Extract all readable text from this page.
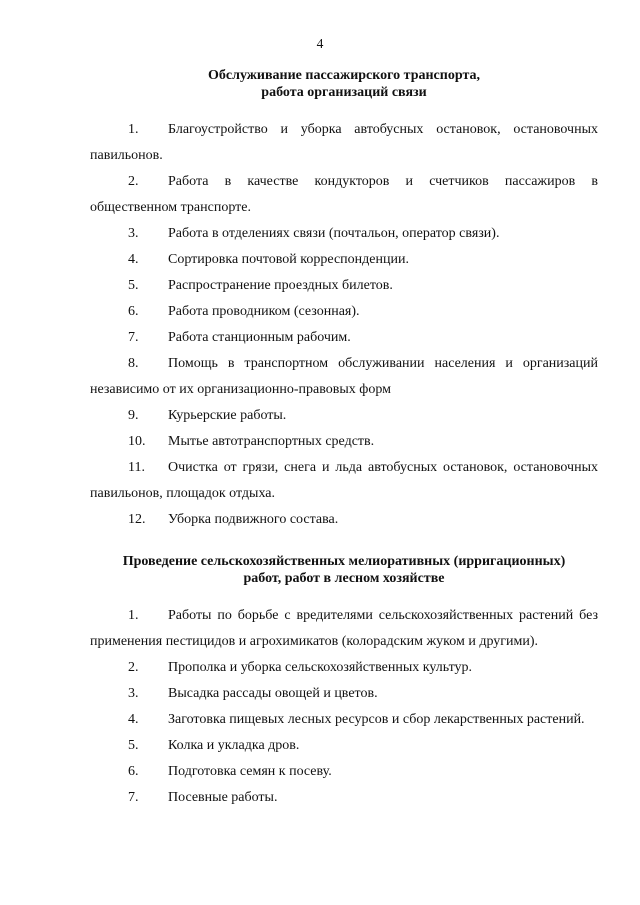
4
Обслуживание пассажирского транспорта,
работа организаций связи
1. Благоустройство и уборка автобусных остановок, остановочных павильонов.
2. Работа в качестве кондукторов и счетчиков пассажиров в общественном транспорте.
3. Работа в отделениях связи (почтальон, оператор связи).
4. Сортировка почтовой корреспонденции.
5. Распространение проездных билетов.
6. Работа проводником (сезонная).
7. Работа станционным рабочим.
8. Помощь в транспортном обслуживании населения и организаций независимо от их организационно-правовых форм
9. Курьерские работы.
10. Мытье автотранспортных средств.
11. Очистка от грязи, снега и льда автобусных остановок, остановочных павильонов, площадок отдыха.
12. Уборка подвижного состава.
Проведение сельскохозяйственных мелиоративных (ирригационных)
работ, работ в лесном хозяйстве
1. Работы по борьбе с вредителями сельскохозяйственных растений без применения пестицидов и агрохимикатов (колорадским жуком и другими).
2. Прополка и уборка сельскохозяйственных культур.
3. Высадка рассады овощей и цветов.
4. Заготовка пищевых лесных ресурсов и сбор лекарственных растений.
5. Колка и укладка дров.
6. Подготовка семян к посеву.
7. Посевные работы.
